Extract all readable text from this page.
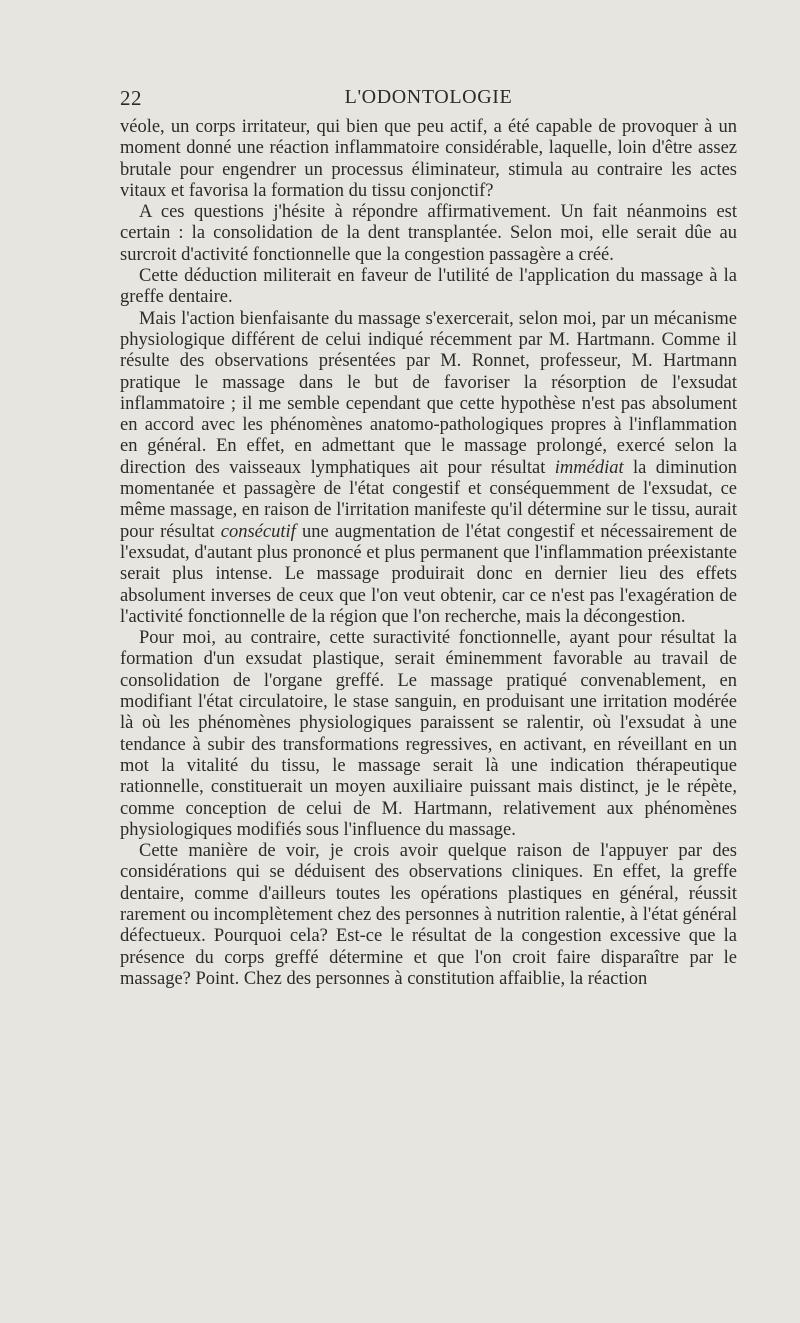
22	L'ODONTOLOGIE

véole, un corps irritateur, qui bien que peu actif, a été capable de provoquer à un moment donné une réaction inflammatoire considérable, laquelle, loin d'être assez brutale pour engendrer un processus éliminateur, stimula au contraire les actes vitaux et favorisa la formation du tissu conjonctif?

A ces questions j'hésite à répondre affirmativement. Un fait néanmoins est certain : la consolidation de la dent transplantée. Selon moi, elle serait dûe au surcroit d'activité fonctionnelle que la congestion passagère a créé.

Cette déduction militerait en faveur de l'utilité de l'application du massage à la greffe dentaire.

Mais l'action bienfaisante du massage s'exercerait, selon moi, par un mécanisme physiologique différent de celui indiqué récemment par M. Hartmann. Comme il résulte des observations présentées par M. Ronnet, professeur, M. Hartmann pratique le massage dans le but de favoriser la résorption de l'exsudat inflammatoire ; il me semble cependant que cette hypothèse n'est pas absolument en accord avec les phénomènes anatomo-pathologiques propres à l'inflammation en général. En effet, en admettant que le massage prolongé, exercé selon la direction des vaisseaux lymphatiques ait pour résultat immédiat la diminution momentanée et passagère de l'état congestif et conséquemment de l'exsudat, ce même massage, en raison de l'irritation manifeste qu'il détermine sur le tissu, aurait pour résultat consécutif une augmentation de l'état congestif et nécessairement de l'exsudat, d'autant plus prononcé et plus permanent que l'inflammation préexistante serait plus intense. Le massage produirait donc en dernier lieu des effets absolument inverses de ceux que l'on veut obtenir, car ce n'est pas l'exagération de l'activité fonctionnelle de la région que l'on recherche, mais la décongestion.

Pour moi, au contraire, cette suractivité fonctionnelle, ayant pour résultat la formation d'un exsudat plastique, serait éminemment favorable au travail de consolidation de l'organe greffé. Le massage pratiqué convenablement, en modifiant l'état circulatoire, le stase sanguin, en produisant une irritation modérée là où les phénomènes physiologiques paraissent se ralentir, où l'exsudat à une tendance à subir des transformations regressives, en activant, en réveillant en un mot la vitalité du tissu, le massage serait là une indication thérapeutique rationnelle, constituerait un moyen auxiliaire puissant mais distinct, je le répète, comme conception de celui de M. Hartmann, relativement aux phénomènes physiologiques modifiés sous l'influence du massage.

Cette manière de voir, je crois avoir quelque raison de l'appuyer par des considérations qui se déduisent des observations cliniques. En effet, la greffe dentaire, comme d'ailleurs toutes les opérations plastiques en général, réussit rarement ou incomplètement chez des personnes à nutrition ralentie, à l'état général défectueux. Pourquoi cela? Est-ce le résultat de la congestion excessive que la présence du corps greffé détermine et que l'on croit faire disparaître par le massage? Point. Chez des personnes à constitution affaiblie, la réaction
